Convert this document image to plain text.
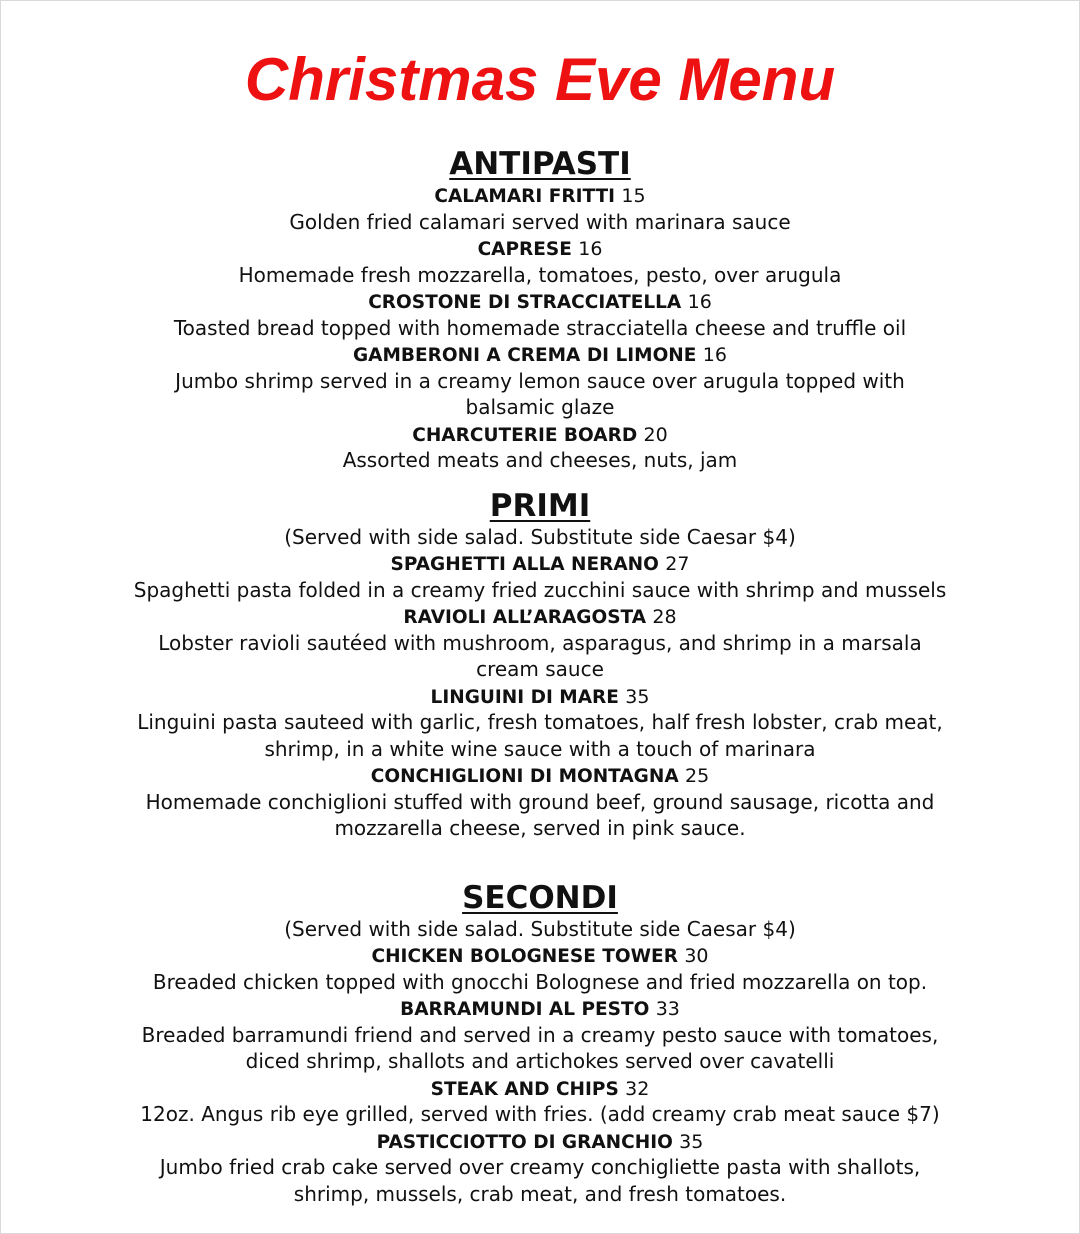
Christmas Eve Menu
ANTIPASTI
CALAMARI FRITTI 15
Golden fried calamari served with marinara sauce
CAPRESE 16
Homemade fresh mozzarella, tomatoes, pesto, over arugula
CROSTONE DI STRACCIATELLA 16
Toasted bread topped with homemade stracciatella cheese and truffle oil
GAMBERONI A CREMA DI LIMONE 16
Jumbo shrimp served in a creamy lemon sauce over arugula topped with
balsamic glaze
CHARCUTERIE BOARD 20
Assorted meats and cheeses, nuts, jam
PRIMI
(Served with side salad. Substitute side Caesar $4)
SPAGHETTI ALLA NERANO 27
Spaghetti pasta folded in a creamy fried zucchini sauce with shrimp and mussels
RAVIOLI ALL’ARAGOSTA 28
Lobster ravioli sautéed with mushroom, asparagus, and shrimp in a marsala
cream sauce
LINGUINI DI MARE 35
Linguini pasta sauteed with garlic, fresh tomatoes, half fresh lobster, crab meat,
shrimp, in a white wine sauce with a touch of marinara
CONCHIGLIONI DI MONTAGNA 25
Homemade conchiglioni stuffed with ground beef, ground sausage, ricotta and
mozzarella cheese, served in pink sauce.
SECONDI
(Served with side salad. Substitute side Caesar $4)
CHICKEN BOLOGNESE TOWER 30
Breaded chicken topped with gnocchi Bolognese and fried mozzarella on top.
BARRAMUNDI AL PESTO 33
Breaded barramundi friend and served in a creamy pesto sauce with tomatoes,
diced shrimp, shallots and artichokes served over cavatelli
STEAK AND CHIPS 32
12oz. Angus rib eye grilled, served with fries. (add creamy crab meat sauce $7)
PASTICCIOTTO DI GRANCHIO 35
Jumbo fried crab cake served over creamy conchigliette pasta with shallots,
shrimp, mussels, crab meat, and fresh tomatoes.
